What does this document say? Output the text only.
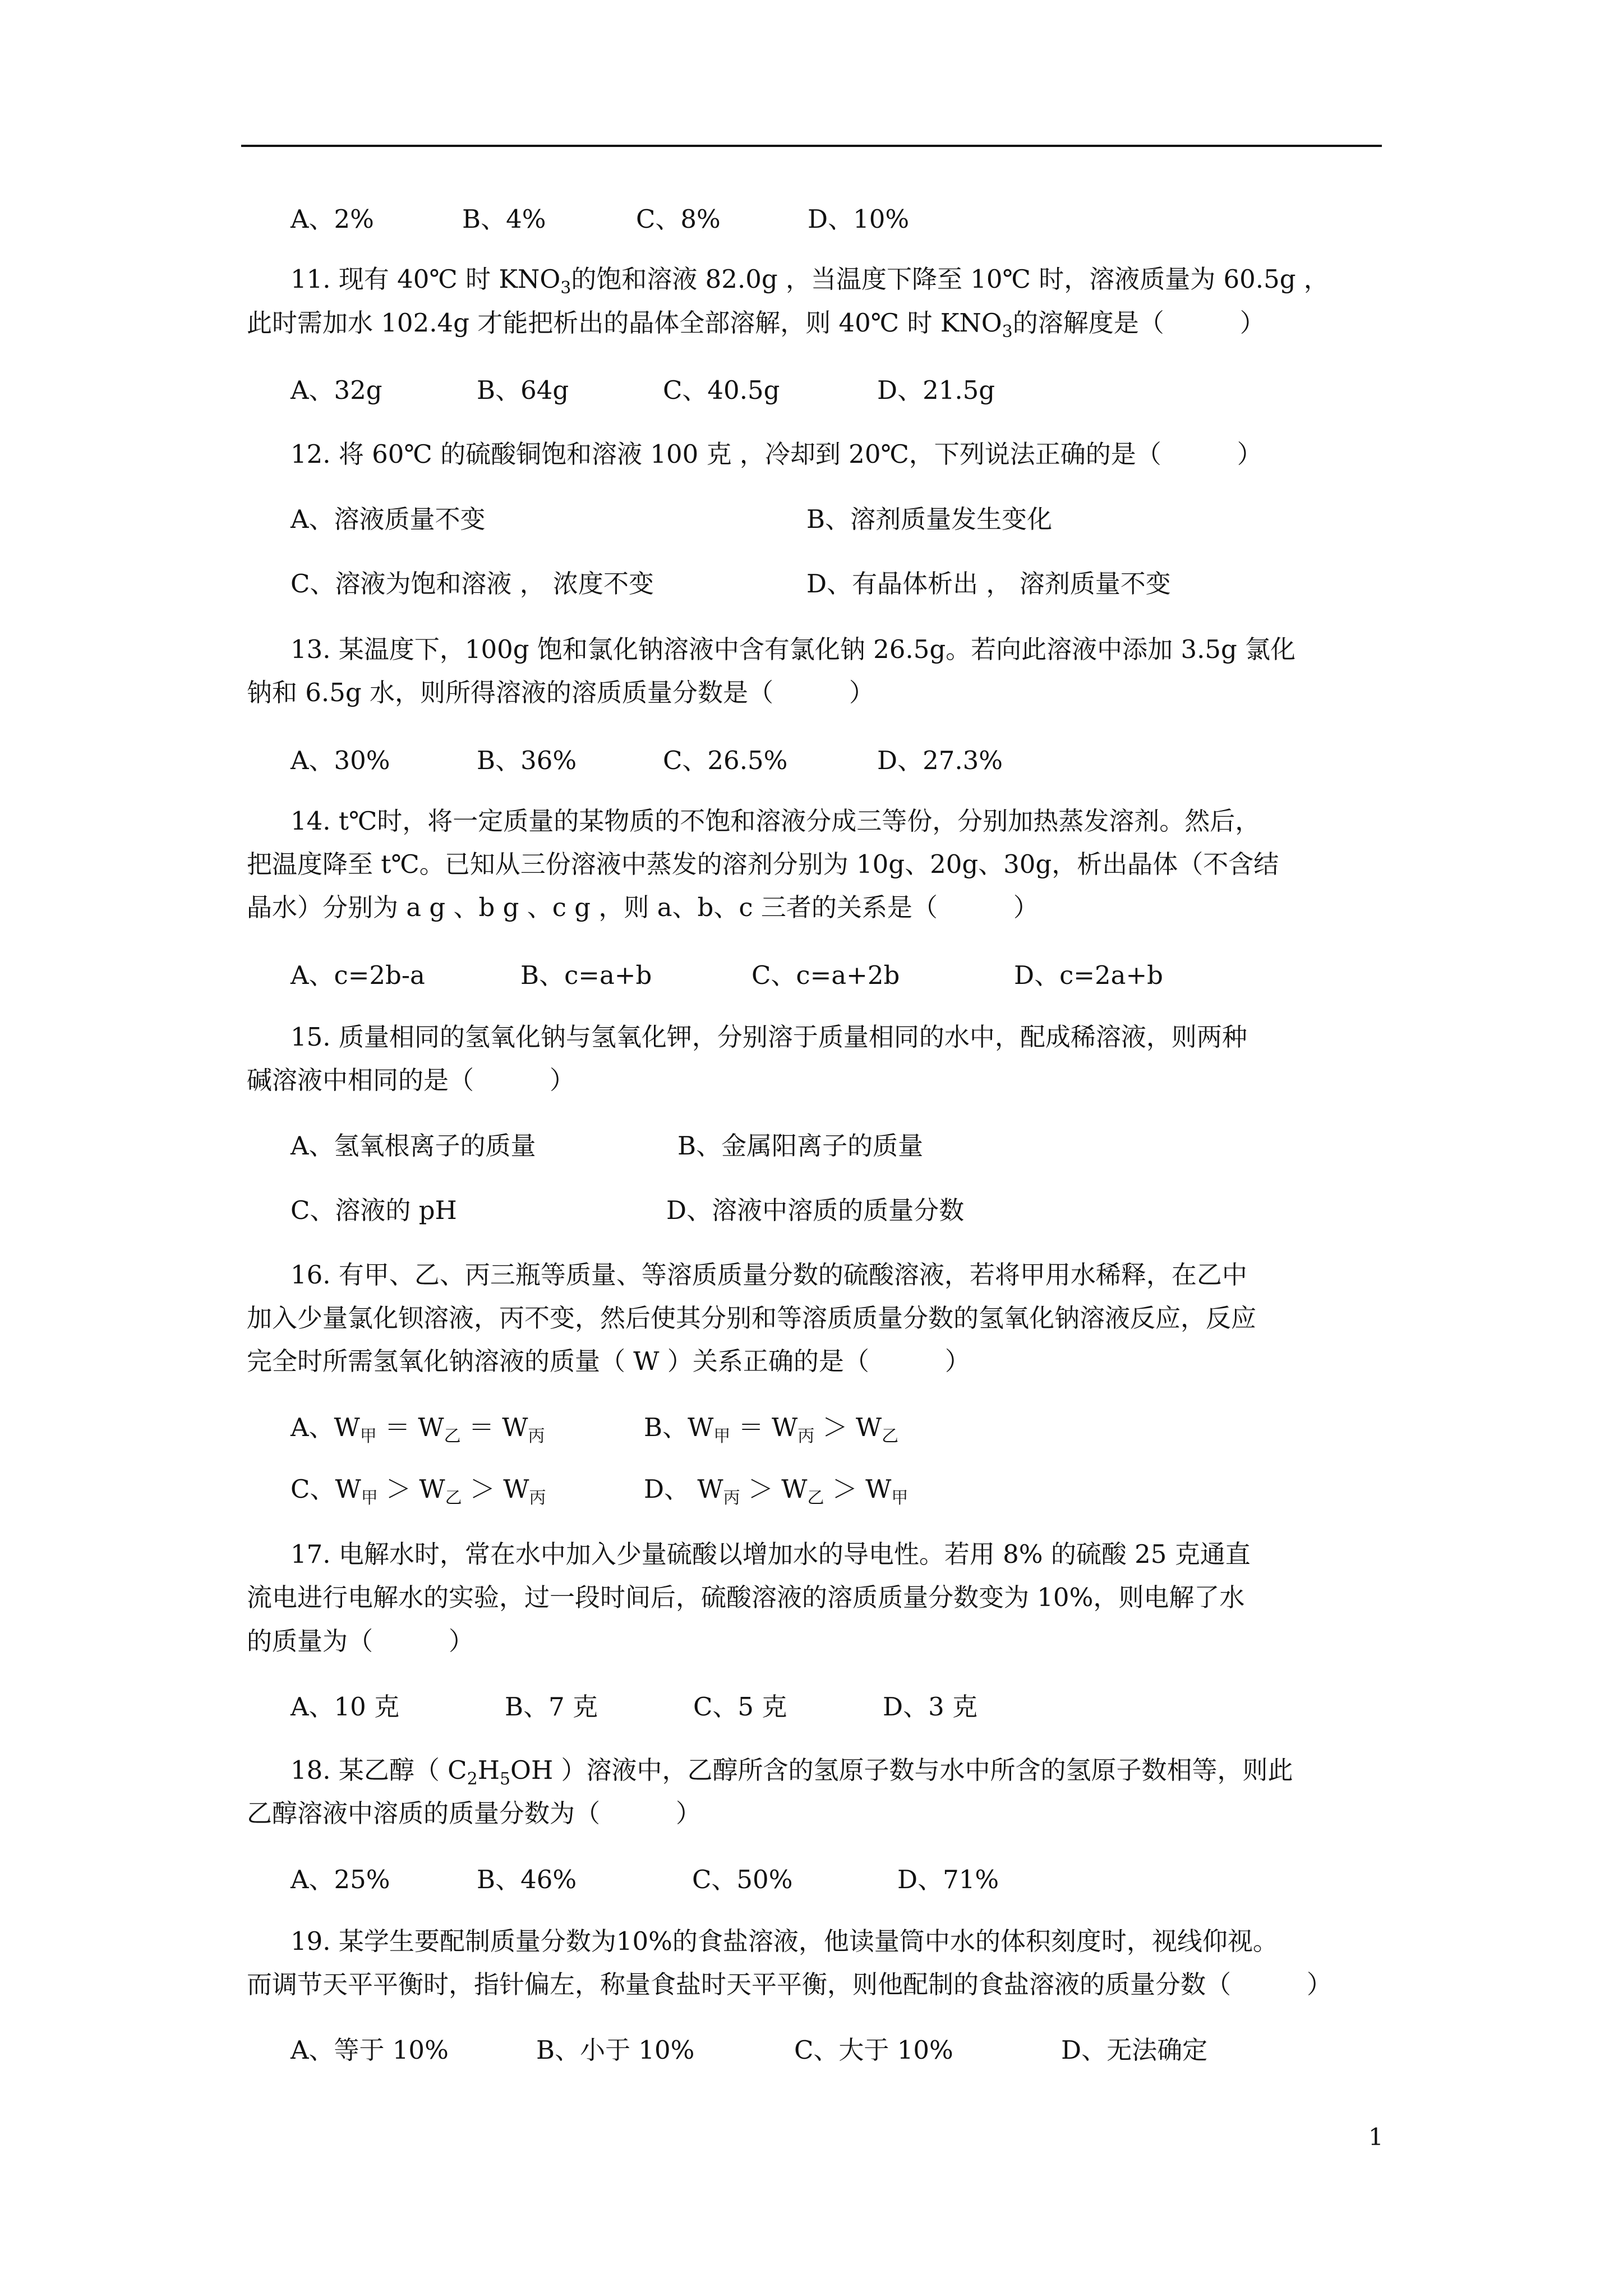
A、2%	B、4%	C、8%	D、10%
11. 现有 40℃ 时 $KNO_3$的饱和溶液 82.0g ，当温度下降至 10℃ 时，溶液质量为 60.5g ，
此时需加水 102.4g 才能把析出的晶体全部溶解，则 40℃ 时 $KNO_3$的溶解度是（　　　）
A、32g	B、64g	C、40.5g	D、21.5g
12. 将 60℃ 的硫酸铜饱和溶液 100 克 ，冷却到 20℃，下列说法正确的是（　　　）
A、溶液质量不变	B、溶剂质量发生变化
C、溶液为饱和溶液 ， 浓度不变	D、有晶体析出 ， 溶剂质量不变
13. 某温度下，100g 饱和氯化钠溶液中含有氯化钠 26.5g。若向此溶液中添加 3.5g 氯化
钠和 6.5g 水，则所得溶液的溶质质量分数是（　　　）
A、30%	B、36%	C、26.5%	D、27.3%
14. t℃时，将一定质量的某物质的不饱和溶液分成三等份，分别加热蒸发溶剂。然后，
把温度降至 t℃。已知从三份溶液中蒸发的溶剂分别为 10g、20g、30g，析出晶体（不含结
晶水）分别为 a g 、b g 、c g ，则 a、b、c 三者的关系是（　　　）
A、c=2b-a	B、c=a+b	C、c=a+2b	D、c=2a+b
15. 质量相同的氢氧化钠与氢氧化钾，分别溶于质量相同的水中，配成稀溶液，则两种
碱溶液中相同的是（　　　）
A、氢氧根离子的质量	B、金属阳离子的质量
C、溶液的 pH	D、溶液中溶质的质量分数
16. 有甲、乙、丙三瓶等质量、等溶质质量分数的硫酸溶液，若将甲用水稀释，在乙中
加入少量氯化钡溶液，丙不变，然后使其分别和等溶质质量分数的氢氧化钠溶液反应，反应
完全时所需氢氧化钠溶液的质量（ W ）关系正确的是（　　　）
A、$W_甲 = W_乙 = W_丙$	B、$W_甲 = W_丙 > W_乙$
C、$W_甲 > W_乙 > W_丙$	D、 $W_丙 > W_乙 > W_甲$
17. 电解水时，常在水中加入少量硫酸以增加水的导电性。若用 8% 的硫酸 25 克通直
流电进行电解水的实验，过一段时间后，硫酸溶液的溶质质量分数变为 10%，则电解了水
的质量为（　　　）
A、10 克	B、7 克	C、5 克	D、3 克
18. 某乙醇（ $C_2H_5OH$ ）溶液中，乙醇所含的氢原子数与水中所含的氢原子数相等，则此
乙醇溶液中溶质的质量分数为（　　　）
A、25%	B、46%	C、50%	D、71%
19. 某学生要配制质量分数为10%的食盐溶液，他读量筒中水的体积刻度时，视线仰视。
而调节天平平衡时，指针偏左，称量食盐时天平平衡，则他配制的食盐溶液的质量分数（　　　）
A、等于 10%	B、小于 10%	C、大于 10%	D、无法确定
1
